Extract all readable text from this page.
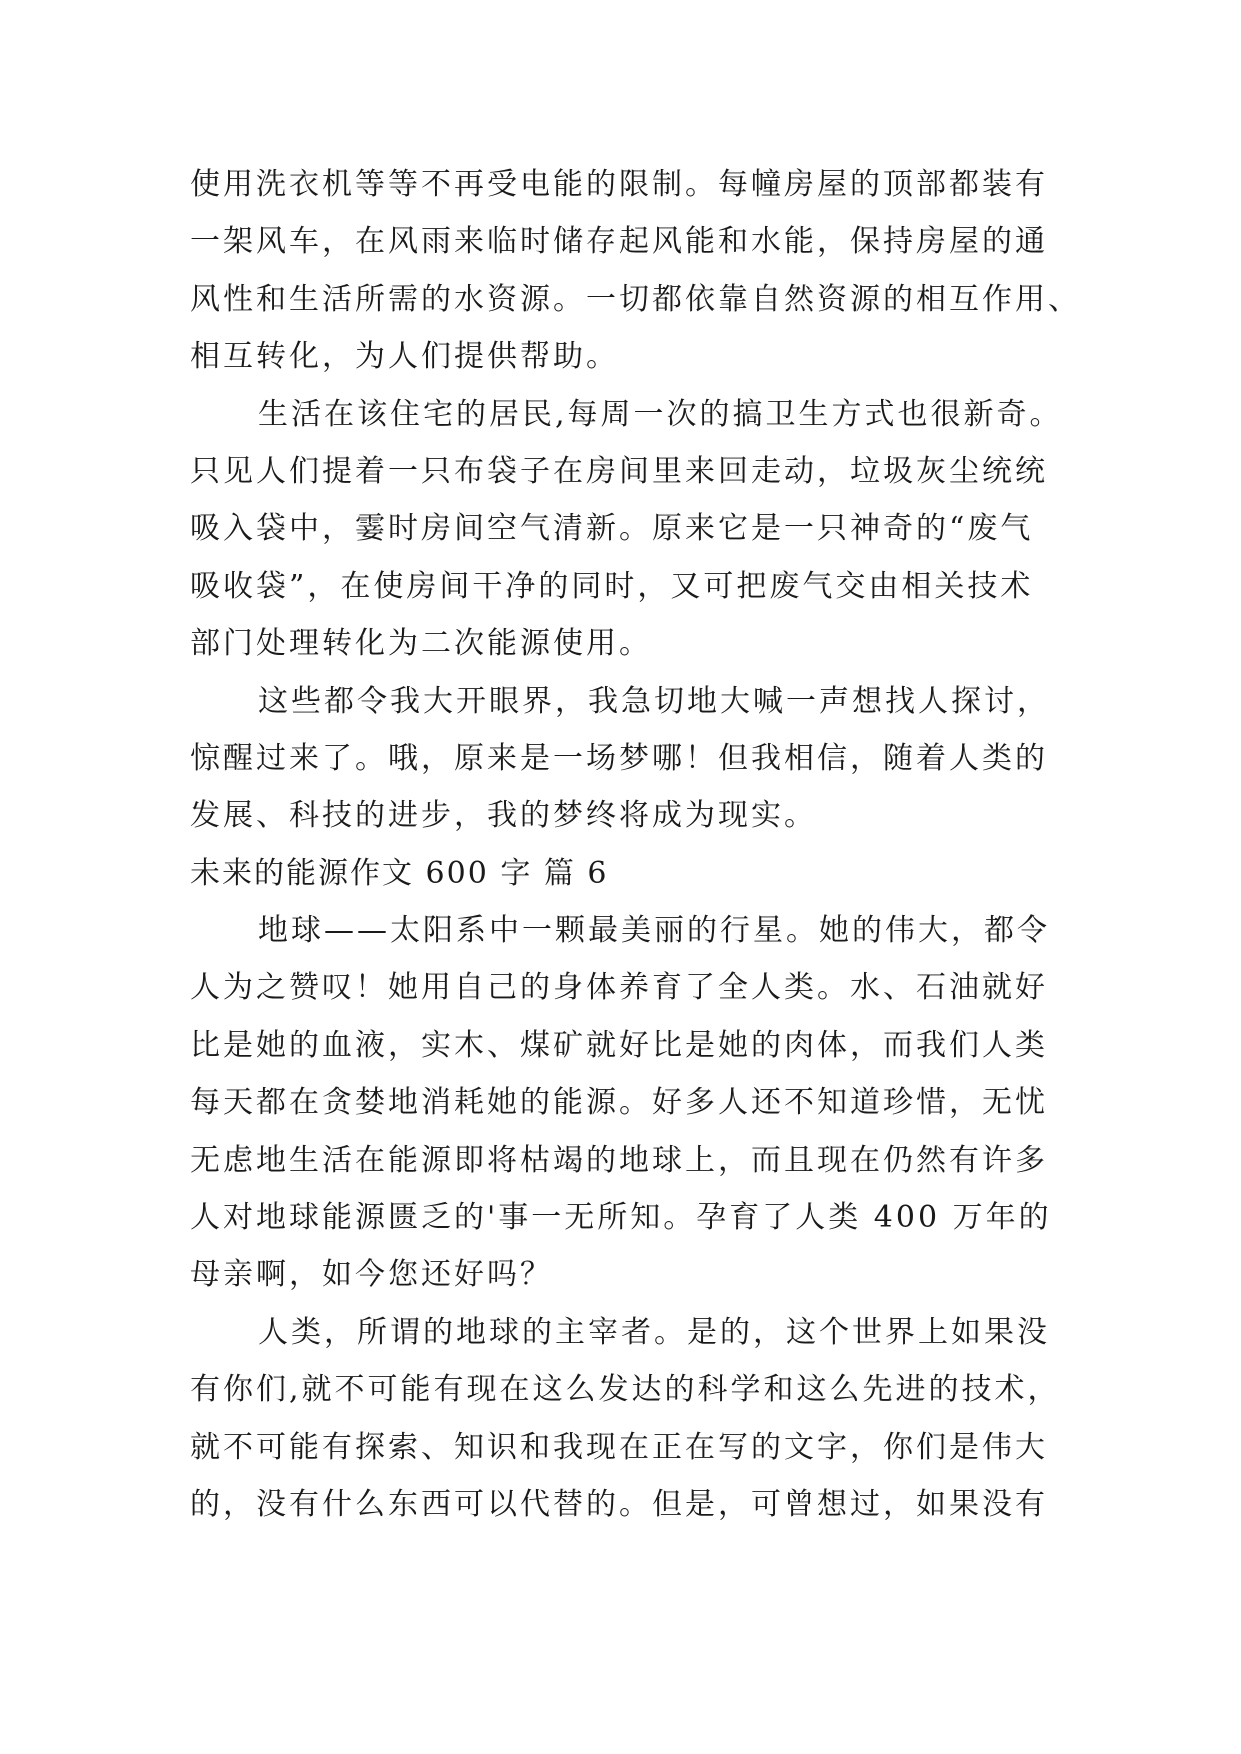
使用洗衣机等等不再受电能的限制。每幢房屋的顶部都装有
一架风车，在风雨来临时储存起风能和水能，保持房屋的通
风性和生活所需的水资源。一切都依靠自然资源的相互作用、
相互转化，为人们提供帮助。
生活在该住宅的居民,每周一次的搞卫生方式也很新奇。
只见人们提着一只布袋子在房间里来回走动，垃圾灰尘统统
吸入袋中，霎时房间空气清新。原来它是一只神奇的“废气
吸收袋”，在使房间干净的同时，又可把废气交由相关技术
部门处理转化为二次能源使用。
这些都令我大开眼界，我急切地大喊一声想找人探讨，
惊醒过来了。哦，原来是一场梦哪！但我相信，随着人类的
发展、科技的进步，我的梦终将成为现实。
未来的能源作文 600 字 篇 6
地球——太阳系中一颗最美丽的行星。她的伟大，都令
人为之赞叹！她用自己的身体养育了全人类。水、石油就好
比是她的血液，实木、煤矿就好比是她的肉体，而我们人类
每天都在贪婪地消耗她的能源。好多人还不知道珍惜，无忧
无虑地生活在能源即将枯竭的地球上，而且现在仍然有许多
人对地球能源匮乏的'事一无所知。孕育了人类 400 万年的
母亲啊，如今您还好吗？
人类，所谓的地球的主宰者。是的，这个世界上如果没
有你们,就不可能有现在这么发达的科学和这么先进的技术，
就不可能有探索、知识和我现在正在写的文字，你们是伟大
的，没有什么东西可以代替的。但是，可曾想过，如果没有
